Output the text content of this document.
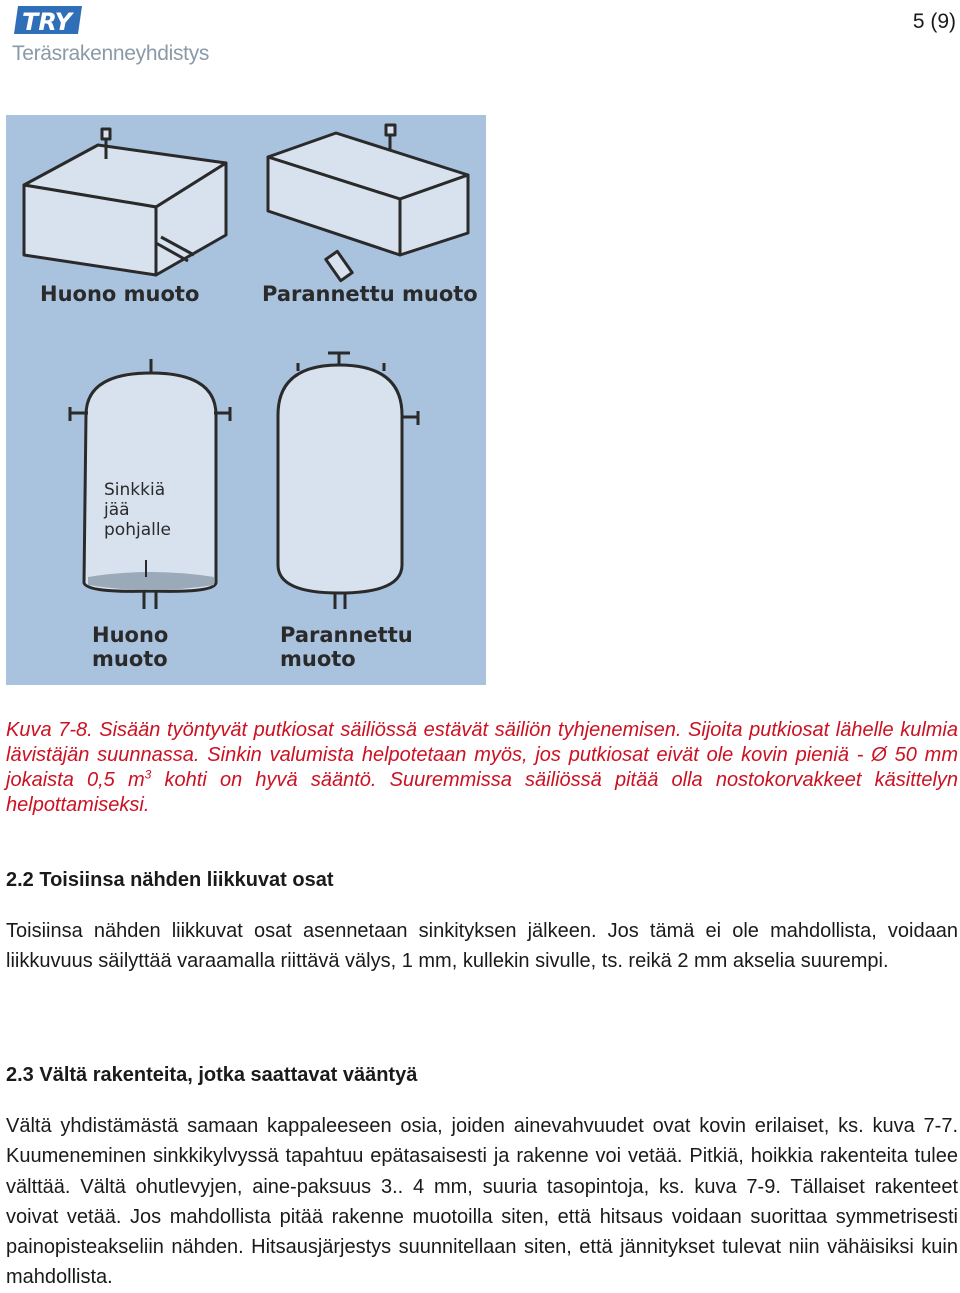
TRY
Teräsrakenneyhdistys
5 (9)
Huono muoto	Parannettu muoto
Sinkkiä
jää
pohjalle
Huono
muoto
Parannettu
muoto
Kuva 7-8. Sisään työntyvät putkiosat säiliössä estävät säiliön tyhjenemisen. Sijoita putkiosat lähelle kulmia lävistäjän suunnassa. Sinkin valumista helpotetaan myös, jos putkiosat eivät ole kovin pieniä - Ø 50 mm jokaista 0,5 $m^3$ kohti on hyvä sääntö. Suuremmissa säiliössä pitää olla nostokorvakkeet käsittelyn helpottamiseksi.
2.2 Toisiinsa nähden liikkuvat osat
Toisiinsa nähden liikkuvat osat asennetaan sinkityksen jälkeen. Jos tämä ei ole mahdollista, voidaan liikkuvuus säilyttää varaamalla riittävä välys, 1 mm, kullekin sivulle, ts. reikä 2 mm akselia suurempi.
2.3 Vältä rakenteita, jotka saattavat vääntyä
Vältä yhdistämästä samaan kappaleeseen osia, joiden ainevahvuudet ovat kovin erilaiset, ks. kuva 7-7. Kuumeneminen sinkkikylvyssä tapahtuu epätasaisesti ja rakenne voi vetää. Pitkiä, hoikkia rakenteita tulee välttää. Vältä ohutlevyjen, aine-paksuus 3.. 4 mm, suuria tasopintoja, ks. kuva 7-9. Tällaiset rakenteet voivat vetää. Jos mahdollista pitää rakenne muotoilla siten, että hitsaus voidaan suorittaa symmetrisesti painopisteakseliin nähden. Hitsausjärjestys suunnitellaan siten, että jännitykset tulevat niin vähäisiksi kuin mahdollista.
